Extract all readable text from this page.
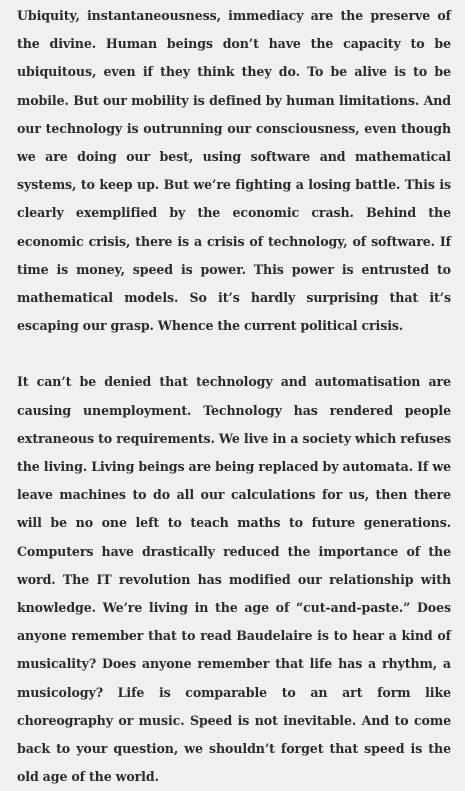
Ubiquity, instantaneousness, immediacy are the preserve of the divine. Human beings don’t have the capacity to be ubiquitous, even if they think they do. To be alive is to be mobile. But our mobility is defined by human limitations. And our technology is outrunning our consciousness, even though we are doing our best, using software and mathematical systems, to keep up. But we’re fighting a losing battle. This is clearly exemplified by the economic crash. Behind the economic crisis, there is a crisis of technology, of software. If time is money, speed is power. This power is entrusted to mathematical models. So it’s hardly surprising that it’s escaping our grasp. Whence the current political crisis.

It can’t be denied that technology and automatisation are causing unemployment. Technology has rendered people extraneous to requirements. We live in a society which refuses the living. Living beings are being replaced by automata. If we leave machines to do all our calculations for us, then there will be no one left to teach maths to future generations. Computers have drastically reduced the importance of the word. The IT revolution has modified our relationship with knowledge. We’re living in the age of “cut-and-paste.” Does anyone remember that to read Baudelaire is to hear a kind of musicality? Does anyone remember that life has a rhythm, a musicology? Life is comparable to an art form like choreography or music. Speed is not inevitable. And to come back to your question, we shouldn’t forget that speed is the old age of the world.
